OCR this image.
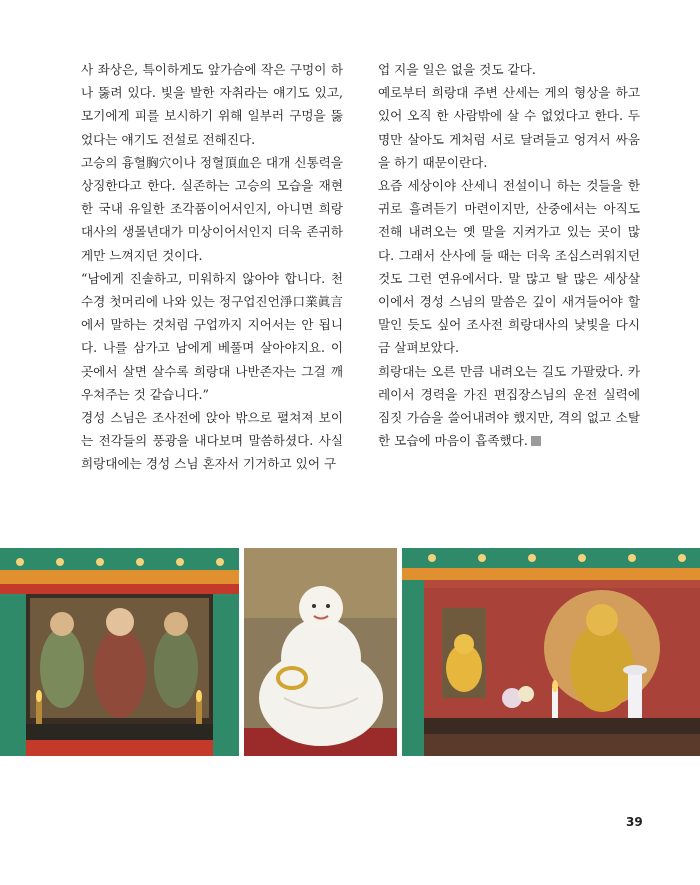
사 좌상은, 특이하게도 앞가슴에 작은 구멍이 하나 뚫려 있다. 빛을 발한 자취라는 얘기도 있고, 모기에게 피를 보시하기 위해 일부러 구멍을 뚫었다는 얘기도 전설로 전해진다.

고승의 흉혈胸穴이나 정혈頂血은 대개 신통력을 상징한다고 한다. 실존하는 고승의 모습을 재현한 국내 유일한 조각품이어서인지, 아니면 희랑대사의 생몰년대가 미상이어서인지 더욱 존귀하게만 느껴지던 것이다.

“남에게 진솔하고, 미워하지 않아야 합니다. 천수경 첫머리에 나와 있는 정구업진언淨口業眞言에서 말하는 것처럼 구업까지 지어서는 안 됩니다. 나를 삼가고 남에게 베풀며 살아야지요. 이곳에서 살면 살수록 희랑대 나반존자는 그걸 깨우쳐주는 것 같습니다.”

경성 스님은 조사전에 앉아 밖으로 펼쳐져 보이는 전각들의 풍광을 내다보며 말씀하셨다. 사실 희랑대에는 경성 스님 혼자서 기거하고 있어 구

업 지을 일은 없을 것도 같다.

예로부터 희랑대 주변 산세는 게의 형상을 하고 있어 오직 한 사람밖에 살 수 없었다고 한다. 두 명만 살아도 게처럼 서로 달려들고 엉겨서 싸움을 하기 때문이란다.

요즘 세상이야 산세니 전설이니 하는 것들을 한 귀로 흘려듣기 마련이지만, 산중에서는 아직도 전해 내려오는 옛 말을 지켜가고 있는 곳이 많다. 그래서 산사에 들 때는 더욱 조심스러워지던 것도 그런 연유에서다. 말 많고 탈 많은 세상살이에서 경성 스님의 말씀은 깊이 새겨들어야 할 말인 듯도 싶어 조사전 희랑대사의 낯빛을 다시금 살펴보았다.

희랑대는 오른 만큼 내려오는 길도 가팔랐다. 카레이서 경력을 가진 편집장스님의 운전 실력에 짐짓 가슴을 쓸어내려야 했지만, 격의 없고 소탈한 모습에 마음이 흡족했다.

39
